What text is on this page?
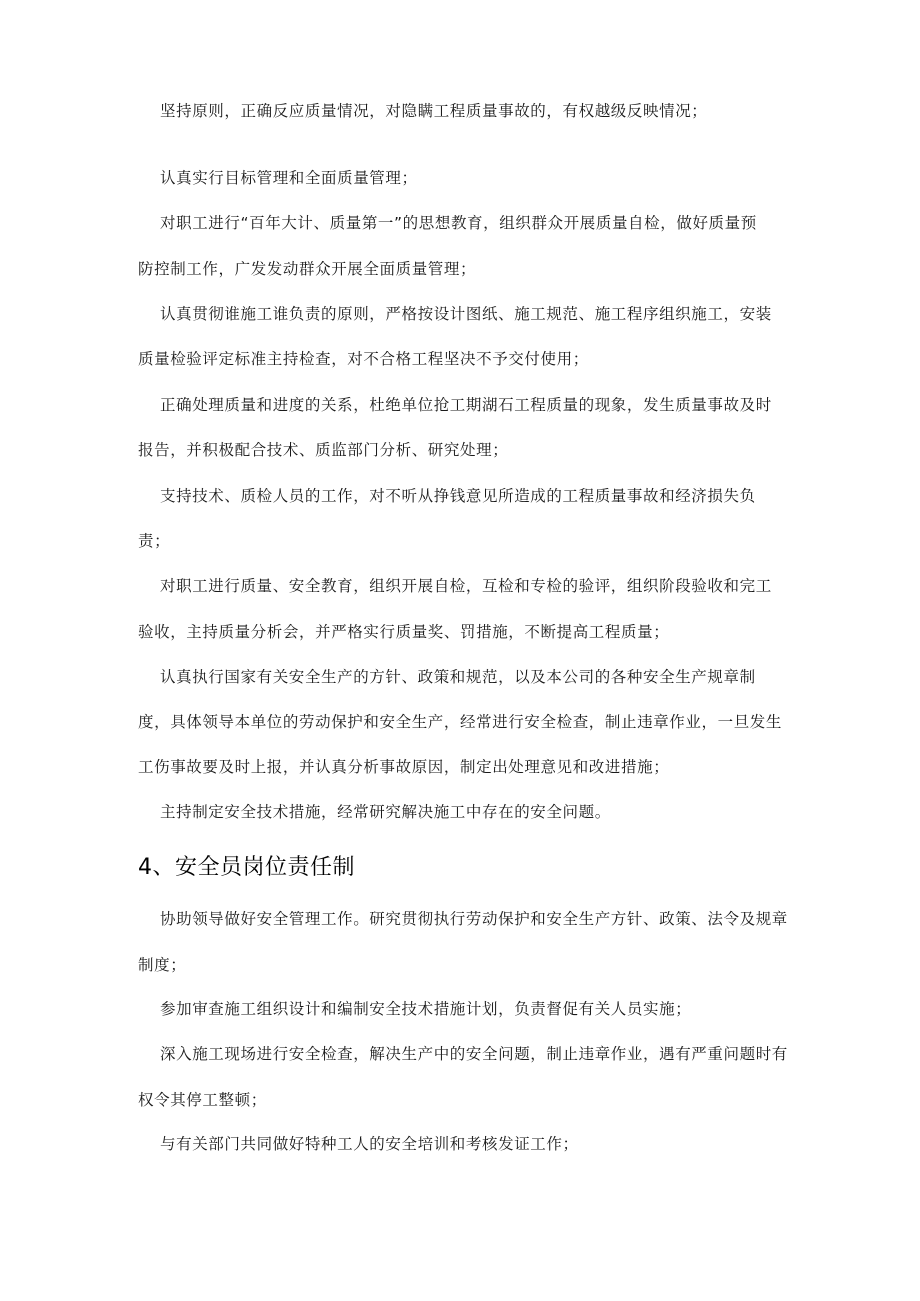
坚持原则，正确反应质量情况，对隐瞒工程质量事故的，有权越级反映情况；
认真实行目标管理和全面质量管理；
对职工进行“百年大计、质量第一”的思想教育，组织群众开展质量自检，做好质量预
防控制工作，广发发动群众开展全面质量管理；
认真贯彻谁施工谁负责的原则，严格按设计图纸、施工规范、施工程序组织施工，安装
质量检验评定标准主持检查，对不合格工程坚决不予交付使用；
正确处理质量和进度的关系，杜绝单位抢工期湖石工程质量的现象，发生质量事故及时
报告，并积极配合技术、质监部门分析、研究处理；
支持技术、质检人员的工作，对不听从挣钱意见所造成的工程质量事故和经济损失负
责；
对职工进行质量、安全教育，组织开展自检，互检和专检的验评，组织阶段验收和完工
验收，主持质量分析会，并严格实行质量奖、罚措施，不断提高工程质量；
认真执行国家有关安全生产的方针、政策和规范，以及本公司的各种安全生产规章制
度，具体领导本单位的劳动保护和安全生产，经常进行安全检查，制止违章作业，一旦发生
工伤事故要及时上报，并认真分析事故原因，制定出处理意见和改进措施；
主持制定安全技术措施，经常研究解决施工中存在的安全问题。
4、安全员岗位责任制
协助领导做好安全管理工作。研究贯彻执行劳动保护和安全生产方针、政策、法令及规章
制度；
参加审查施工组织设计和编制安全技术措施计划，负责督促有关人员实施；
深入施工现场进行安全检查，解决生产中的安全问题，制止违章作业，遇有严重问题时有
权令其停工整顿；
与有关部门共同做好特种工人的安全培训和考核发证工作；
